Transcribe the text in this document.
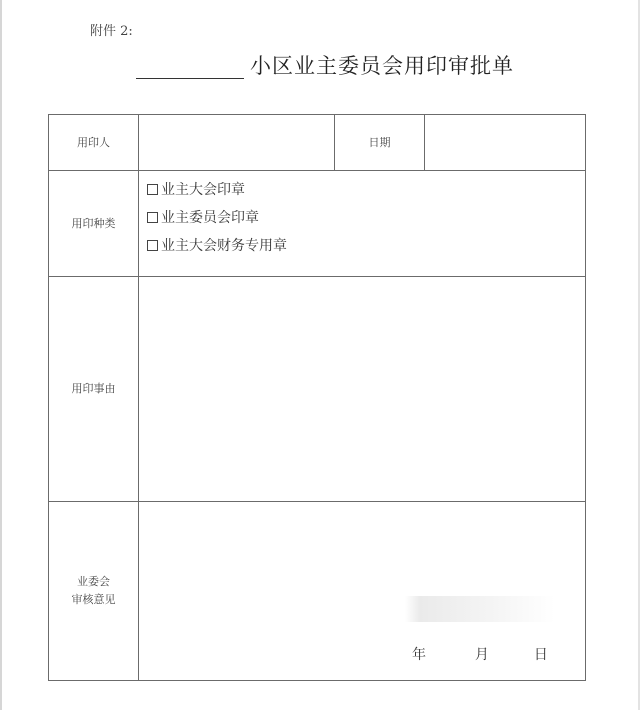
附件 2:
小区业主委员会用印审批单
用印人		日期	
用印种类	业主大会印章
业主委员会印章
业主大会财务专用章		

用印事由			

业委会
审核意见	年 月 日		
